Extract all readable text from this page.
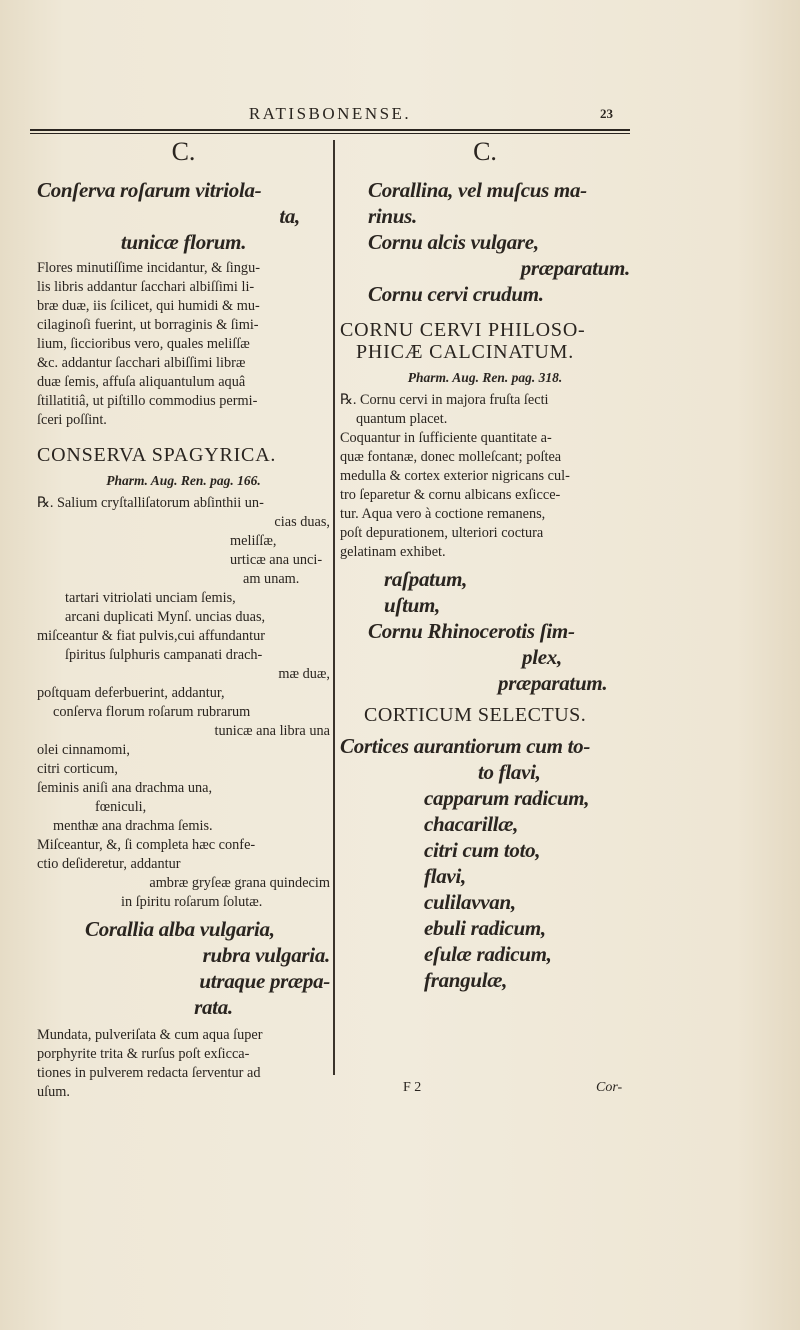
RATISBONENSE.	23
C.
Conſerva roſarum vitriola-
ta,
tunicæ florum.
Flores minutiſſime incidantur, & ſingu-
lis libris addantur ſacchari albiſſimi li-
bræ duæ, iis ſcilicet, qui humidi & mu-
cilaginoſi fuerint, ut borraginis & ſimi-
lium, ſiccioribus vero, quales meliſſæ
&c. addantur ſacchari albiſſimi libræ
duæ ſemis, affuſa aliquantulum aquâ
ſtillatitiâ, ut piſtillo commodius permi-
ſceri poſſint.
CONSERVA SPAGYRICA.
Pharm. Aug. Ren. pag. 166.
℞. Salium cryſtalliſatorum abſinthii un-
cias duas,
meliſſæ,
urticæ ana unci-
am unam.
tartari vitriolati unciam ſemis,
arcani duplicati Mynſ. uncias duas,
miſceantur & fiat pulvis,cui affundantur
ſpiritus ſulphuris campanati drach-
mæ duæ,
poſtquam deferbuerint, addantur,
conſerva florum roſarum rubrarum
tunicæ ana libra una
olei cinnamomi,
citri corticum,
ſeminis aniſi ana drachma una,
fœniculi,
menthæ ana drachma ſemis.
Miſceantur, &, ſi completa hæc confe-
ctio deſideretur, addantur
ambræ gryſeæ grana quindecim
in ſpiritu roſarum ſolutæ.
Corallia alba vulgaria,
rubra vulgaria.
utraque præpa-
rata.
Mundata, pulveriſata & cum aqua ſuper
porphyrite trita & rurſus poſt exſicca-
tiones in pulverem redacta ſerventur ad
uſum.
C.
Corallina, vel muſcus ma-
rinus.
Cornu alcis vulgare,
præparatum.
Cornu cervi crudum.
CORNU CERVI PHILOSO-
PHICÆ CALCINATUM.
Pharm. Aug. Ren. pag. 318.
℞. Cornu cervi in majora fruſta ſecti
quantum placet.
Coquantur in ſufficiente quantitate a-
quæ fontanæ, donec molleſcant; poſtea
medulla & cortex exterior nigricans cul-
tro ſeparetur & cornu albicans exſicce-
tur. Aqua vero à coctione remanens,
poſt depurationem, ulteriori coctura
gelatinam exhibet.
raſpatum,
uſtum,
Cornu Rhinocerotis ſim-
plex,
præparatum.
CORTICUM SELECTUS.
Cortices aurantiorum cum to-
to flavi,
capparum radicum,
chacarillæ,
citri cum toto,
flavi,
culilavvan,
ebuli radicum,
eſulæ radicum,
frangulæ,
F 2	Cor-
